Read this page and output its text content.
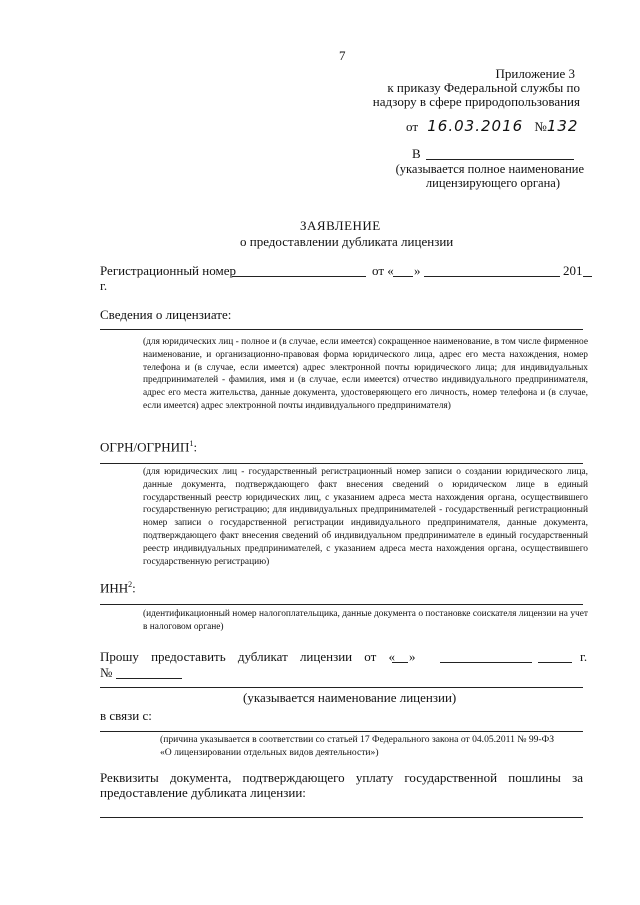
7
Приложение 3
к приказу Федеральной службы по
надзору в сфере природопользования
от 16.03.2016 №132
В
(указывается полное наименование
лицензирующего органа)
ЗАЯВЛЕНИЕ
о предоставлении дубликата лицензии
Регистрационный номер	от « »	201
г.
Сведения о лицензиате:
(для юридических лиц - полное и (в случае, если имеется) сокращенное наименование, в том числе фирменное наименование, и организационно-правовая форма юридического лица, адрес его места нахождения, номер телефона и (в случае, если имеется) адрес электронной почты юридического лица; для индивидуальных предпринимателей - фамилия, имя и (в случае, если имеется) отчество индивидуального предпринимателя, адрес его места жительства, данные документа, удостоверяющего его личность, номер телефона и (в случае, если имеется) адрес электронной почты индивидуального предпринимателя)
ОГРН/ОГРНИП$^1$:
(для юридических лиц - государственный регистрационный номер записи о создании юридического лица, данные документа, подтверждающего факт внесения сведений о юридическом лице в единый государственный реестр юридических лиц, с указанием адреса места нахождения органа, осуществившего государственную регистрацию; для индивидуальных предпринимателей - государственный регистрационный номер записи о государственной регистрации индивидуального предпринимателя, данные документа, подтверждающего факт внесения сведений об индивидуальном предпринимателе в единый государственный реестр индивидуальных предпринимателей, с указанием адреса места нахождения органа, осуществившего государственную регистрацию)
ИНН$^2$:
(идентификационный номер налогоплательщика, данные документа о постановке соискателя лицензии на учет в налоговом органе)
Прошу предоставить дубликат лицензии от « »	г.
№
(указывается наименование лицензии)
в связи с:
(причина указывается в соответствии со статьей 17 Федерального закона от 04.05.2011 № 99-ФЗ
«О лицензировании отдельных видов деятельности»)
Реквизиты документа, подтверждающего уплату государственной пошлины за
предоставление дубликата лицензии:
